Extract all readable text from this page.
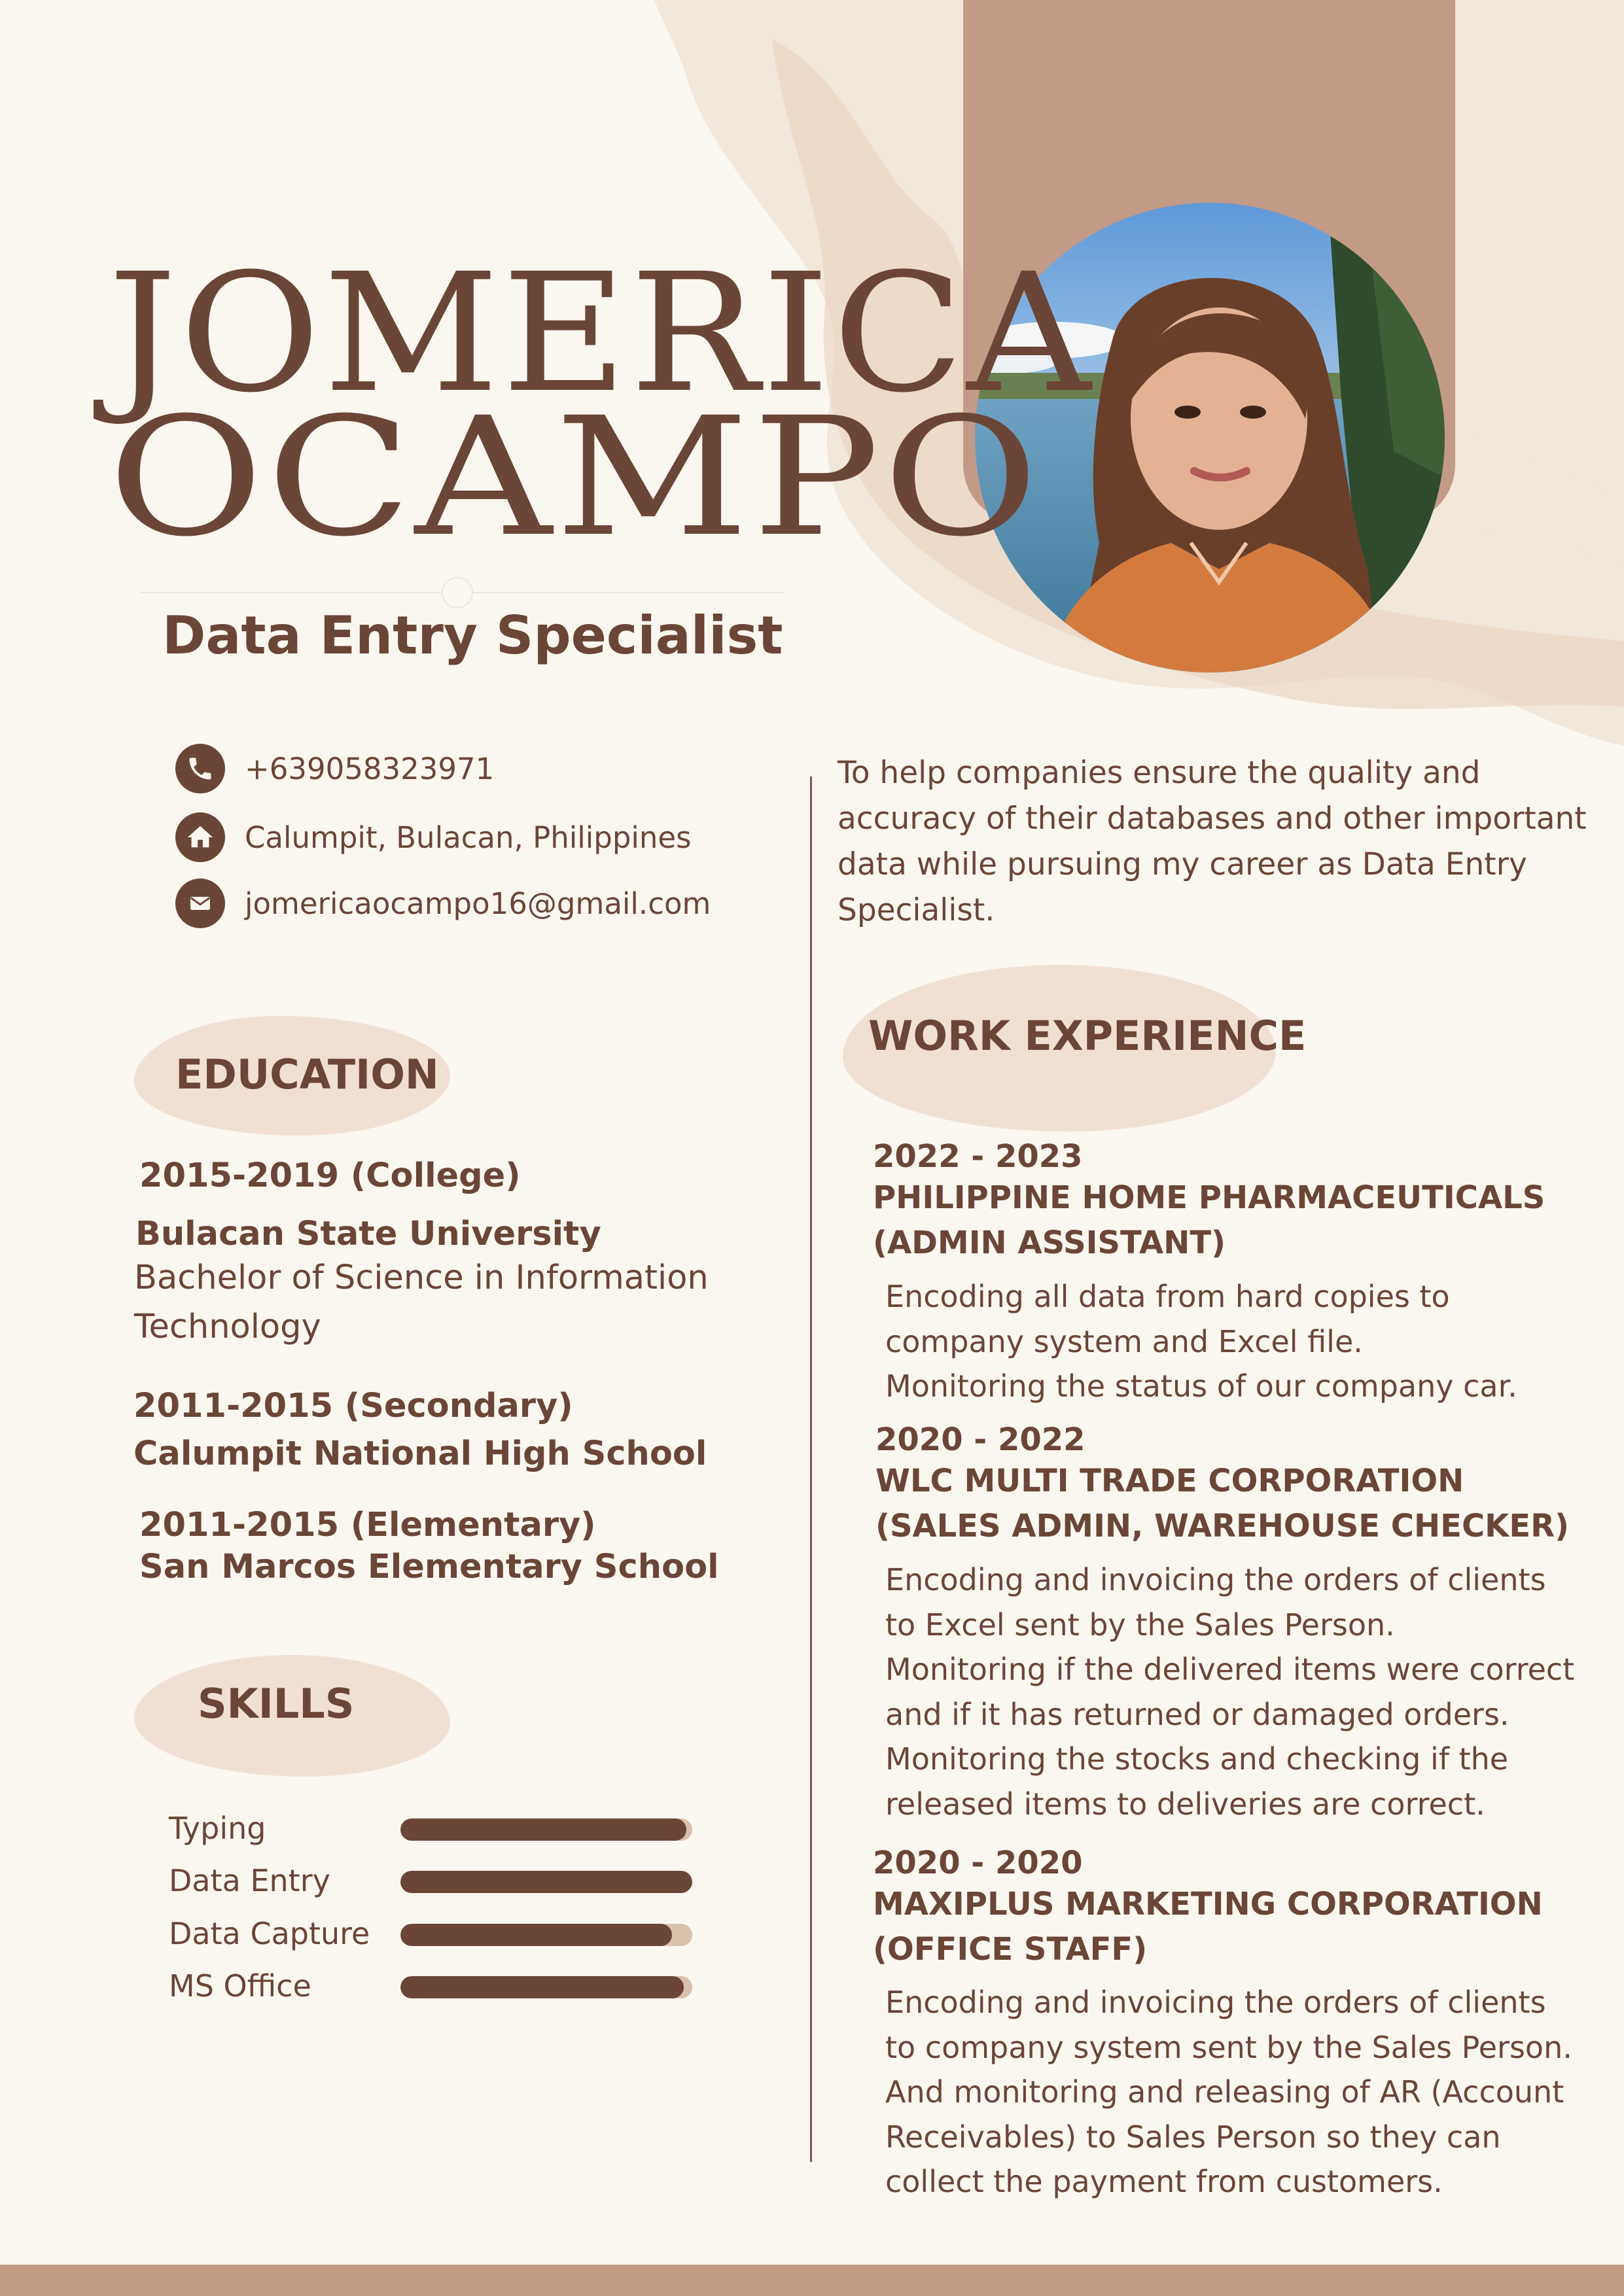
JOMERICA
OCAMPO
Data Entry Specialist
+639058323971
Calumpit, Bulacan, Philippines
jomericaocampo16@gmail.com
To help companies ensure the quality and accuracy of their databases and other important data while pursuing my career as Data Entry Specialist.
EDUCATION
2015-2019 (College)
Bulacan State University
Bachelor of Science in Information Technology
2011-2015 (Secondary)
Calumpit National High School
2011-2015 (Elementary)
San Marcos Elementary School
SKILLS
Typing
Data Entry
Data Capture
MS Office
WORK EXPERIENCE
2022 - 2023
PHILIPPINE HOME PHARMACEUTICALS
(ADMIN ASSISTANT)
Encoding all data from hard copies to
company system and Excel file.
Monitoring the status of our company car.
2020 - 2022
WLC MULTI TRADE CORPORATION
(SALES ADMIN, WAREHOUSE CHECKER)
Encoding and invoicing the orders of clients
to Excel sent by the Sales Person.
Monitoring if the delivered items were correct
and if it has returned or damaged orders.
Monitoring the stocks and checking if the
released items to deliveries are correct.
2020 - 2020
MAXIPLUS MARKETING CORPORATION
(OFFICE STAFF)
Encoding and invoicing the orders of clients
to company system sent by the Sales Person.
And monitoring and releasing of AR (Account
Receivables) to Sales Person so they can
collect the payment from customers.
